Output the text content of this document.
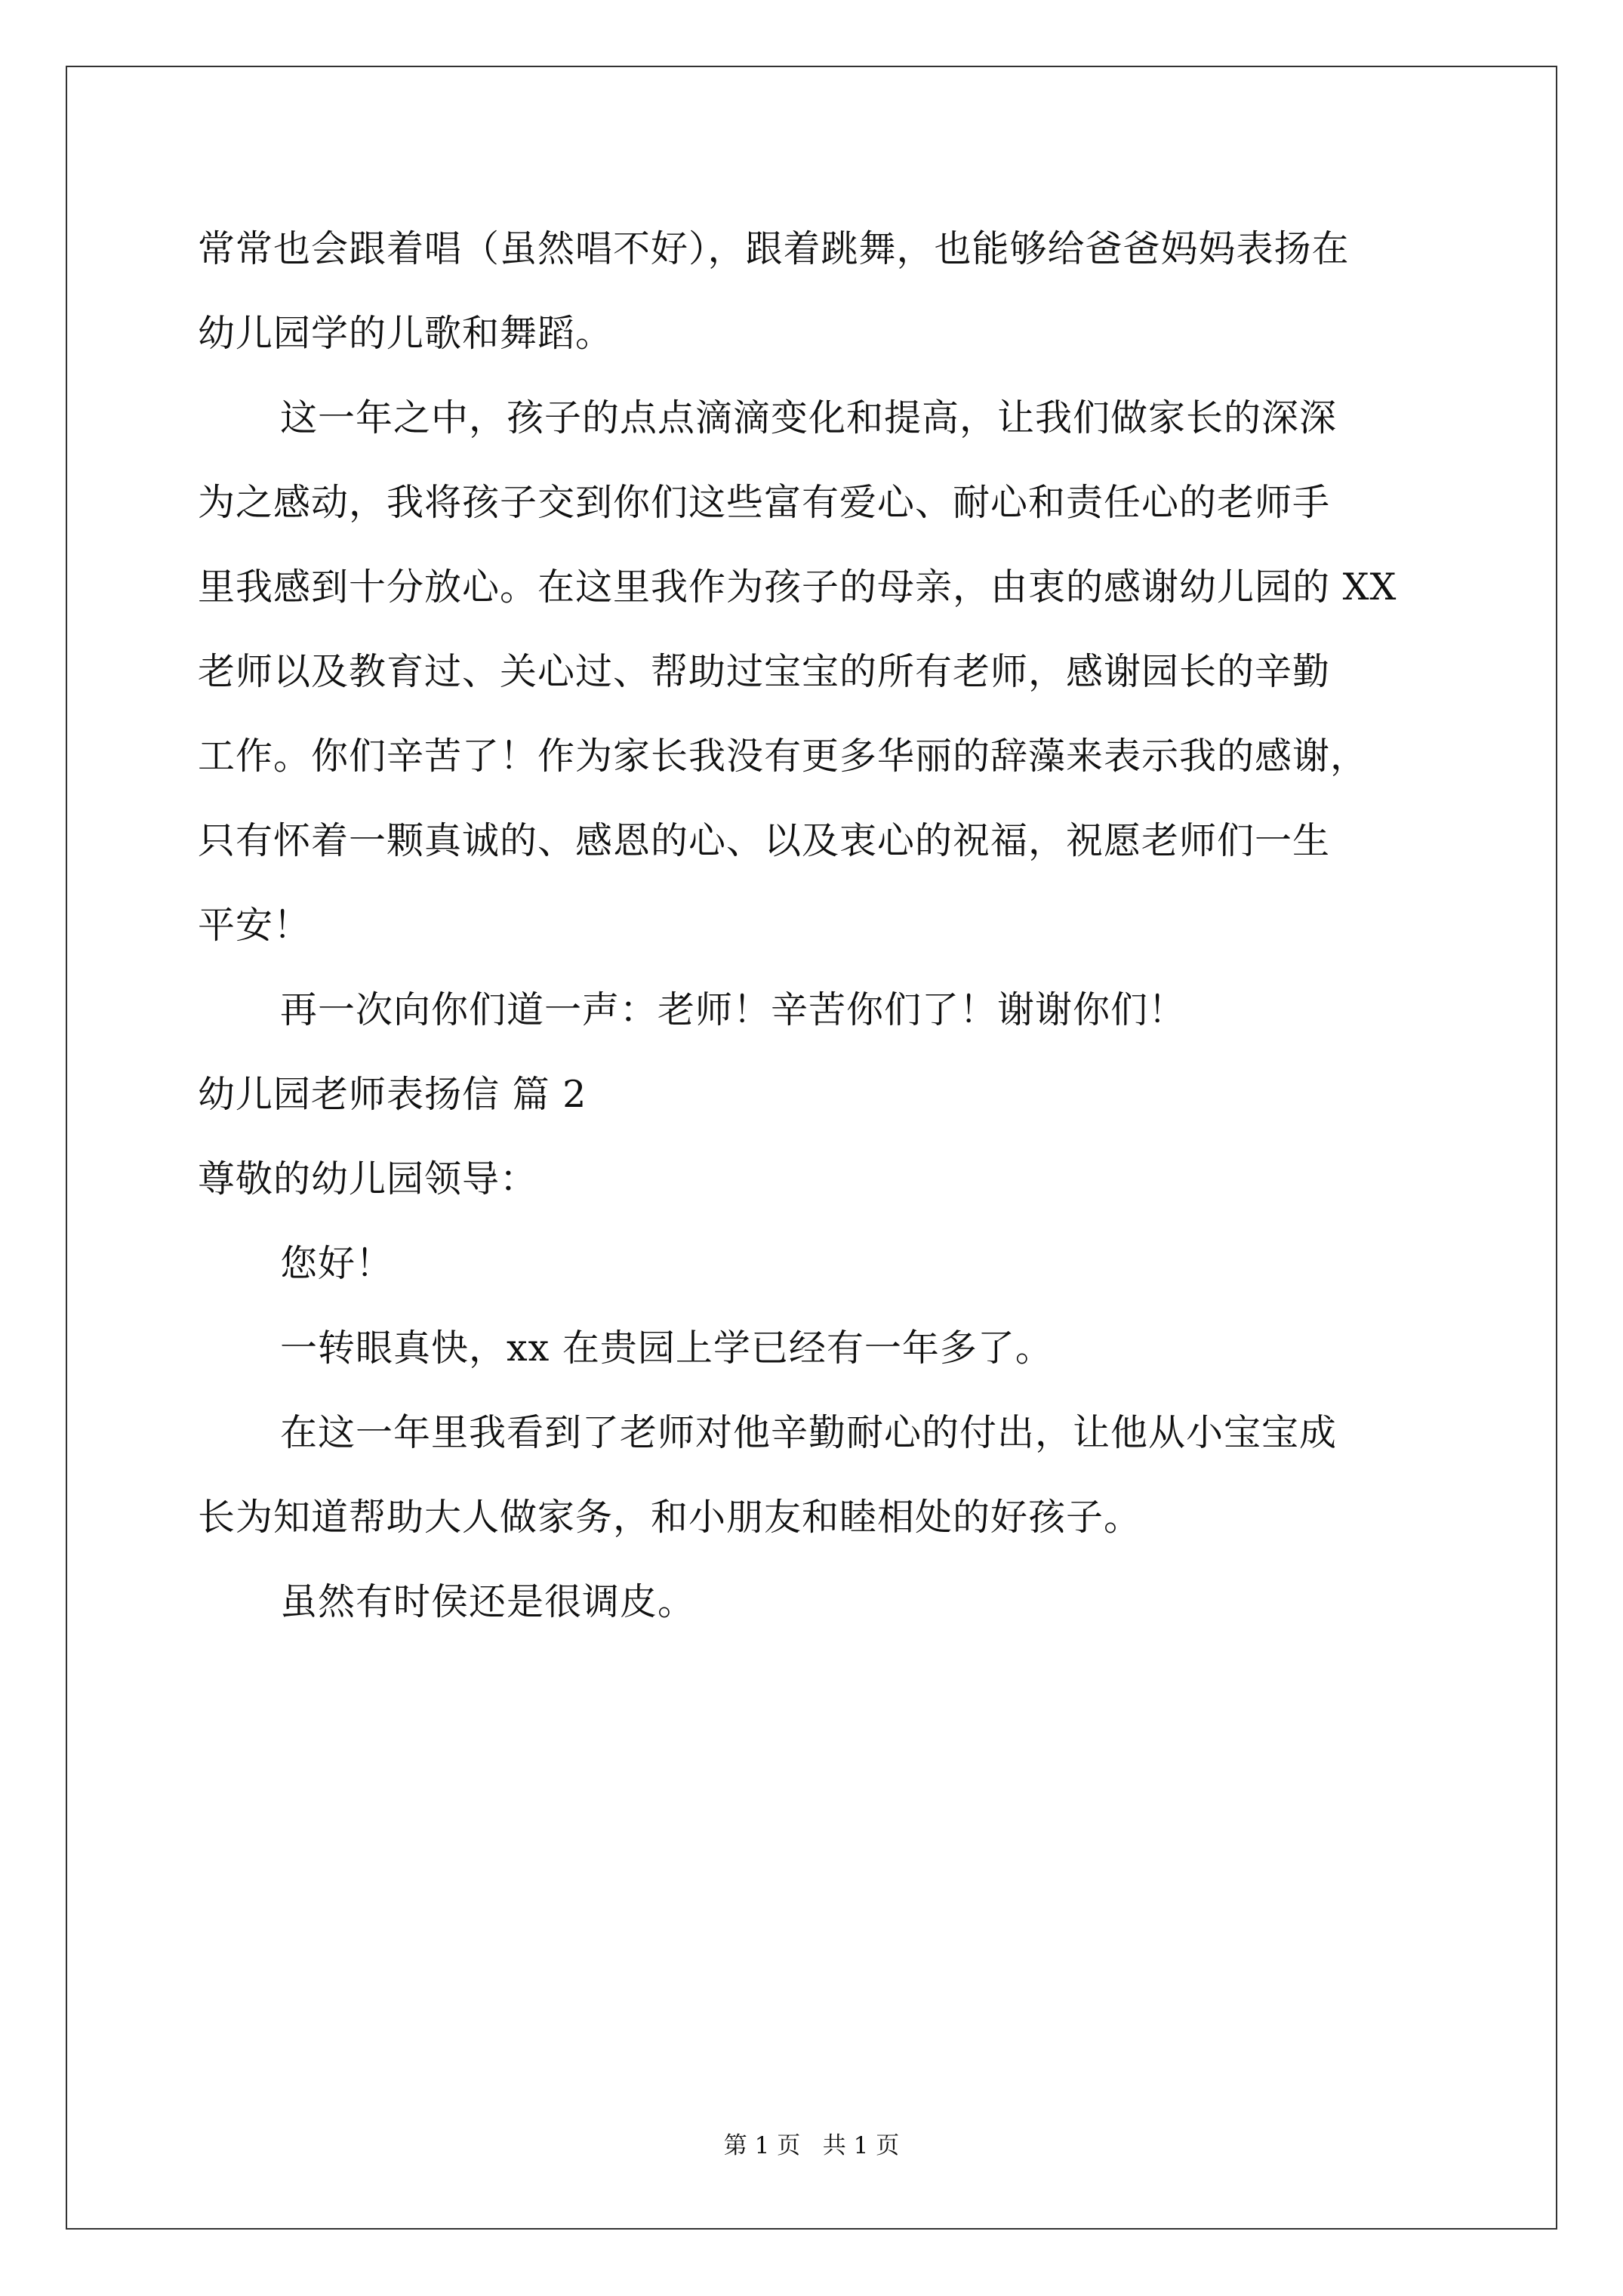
常常也会跟着唱（虽然唱不好），跟着跳舞，也能够给爸爸妈妈表扬在
幼儿园学的儿歌和舞蹈。
这一年之中，孩子的点点滴滴变化和提高，让我们做家长的深深
为之感动，我将孩子交到你们这些富有爱心、耐心和责任心的老师手
里我感到十分放心。在这里我作为孩子的母亲，由衷的感谢幼儿园的 XX
老师以及教育过、关心过、帮助过宝宝的所有老师，感谢园长的辛勤
工作。你们辛苦了！作为家长我没有更多华丽的辞藻来表示我的感谢，
只有怀着一颗真诚的、感恩的心、以及衷心的祝福，祝愿老师们一生
平安！
再一次向你们道一声：老师！辛苦你们了！谢谢你们！
幼儿园老师表扬信 篇 2
尊敬的幼儿园领导：
您好！
一转眼真快，xx 在贵园上学已经有一年多了。
在这一年里我看到了老师对他辛勤耐心的付出，让他从小宝宝成
长为知道帮助大人做家务，和小朋友和睦相处的好孩子。
虽然有时侯还是很调皮。
第 1 页   共 1 页
